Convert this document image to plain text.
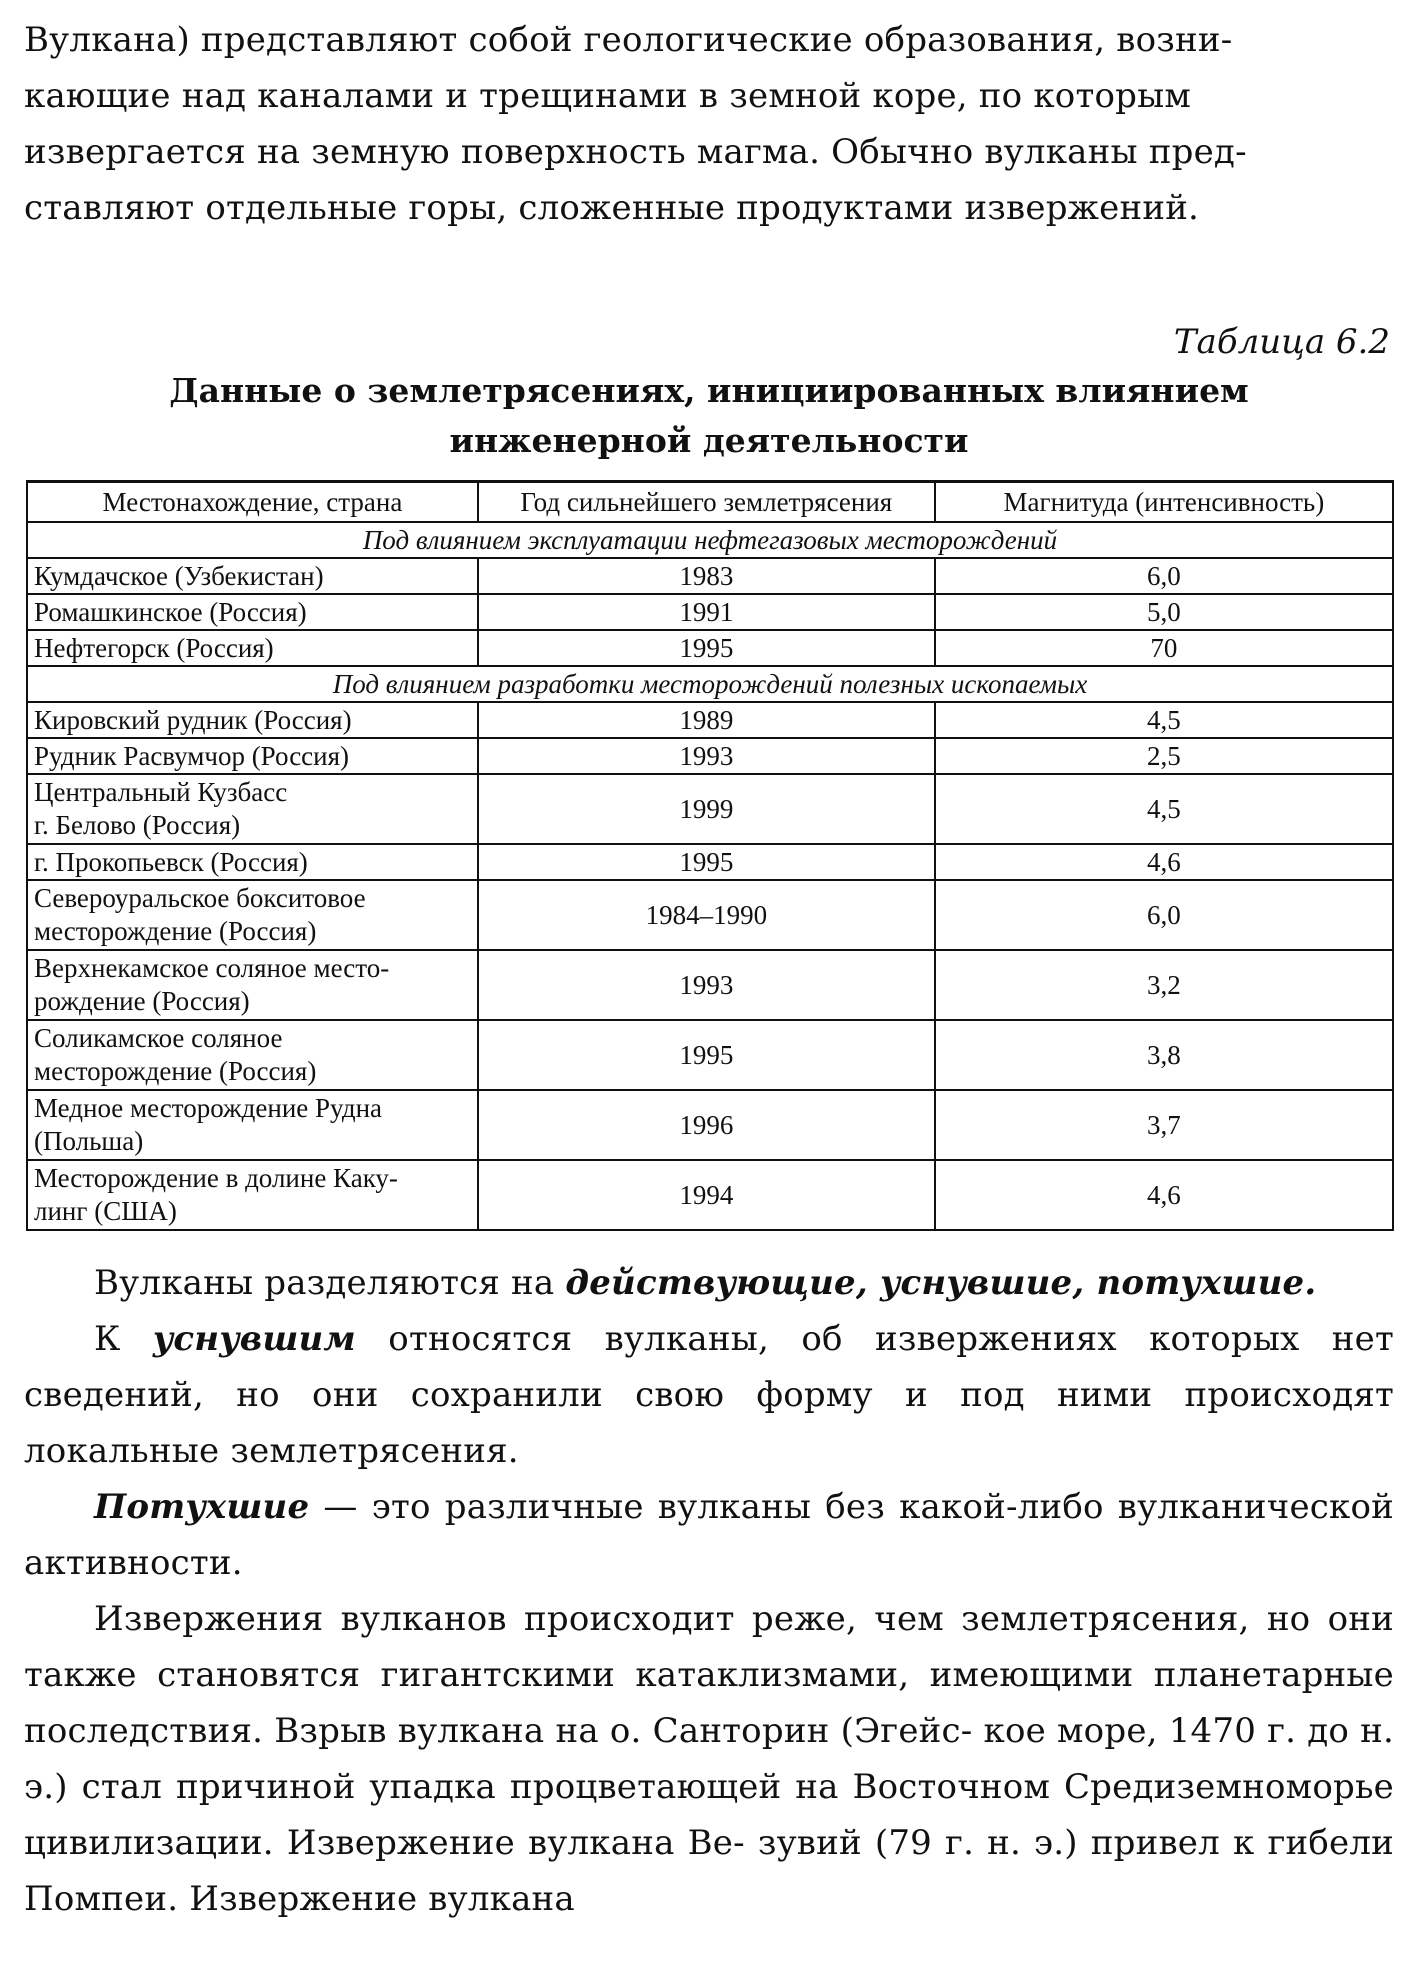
Вулкана) представляют собой геологические образования, возни-
кающие над каналами и трещинами в земной коре, по которым
извергается на земную поверхность магма. Обычно вулканы пред-
ставляют отдельные горы, сложенные продуктами извержений.

Таблица 6.2
Данные о землетрясениях, инициированных влиянием
инженерной деятельности
Местонахождение, страна	Год сильнейшего землетрясения	Магнитуда (интенсивность)
Под влиянием эксплуатации нефтегазовых месторождений		
Кумдачское (Узбекистан)	1983	6,0
Ромашкинское (Россия)	1991	5,0
Нефтегорск (Россия)	1995	70
Под влиянием разработки месторождений полезных ископаемых		
Кировский рудник (Россия)	1989	4,5
Рудник Расвумчор (Россия)	1993	2,5
Центральный Кузбасс
г. Белово (Россия)	1999	4,5
г. Прокопьевск (Россия)	1995	4,6
Североуральское бокситовое
месторождение (Россия)	1984–1990	6,0
Верхнекамское соляное место-
рождение (Россия)	1993	3,2
Соликамское соляное
месторождение (Россия)	1995	3,8
Медное месторождение Рудна
(Польша)	1996	3,7
Месторождение в долине Каку-
линг (США)	1994	4,6

Вулканы разделяются на действующие, уснувшие, потухшие.

К уснувшим относятся вулканы, об извержениях которых нет сведений, но они сохранили свою форму и под ними происходят локальные землетрясения.

Потухшие — это различные вулканы без какой-либо вулканической активности.

Извержения вулканов происходит реже, чем землетрясения, но они также становятся гигантскими катаклизмами, имеющими планетарные последствия. Взрыв вулкана на о. Санторин (Эгейс- кое море, 1470 г. до н. э.) стал причиной упадка процветающей на Восточном Средиземноморье цивилизации. Извержение вулкана Ве- зувий (79 г. н. э.) привел к гибели Помпеи. Извержение вулкана
